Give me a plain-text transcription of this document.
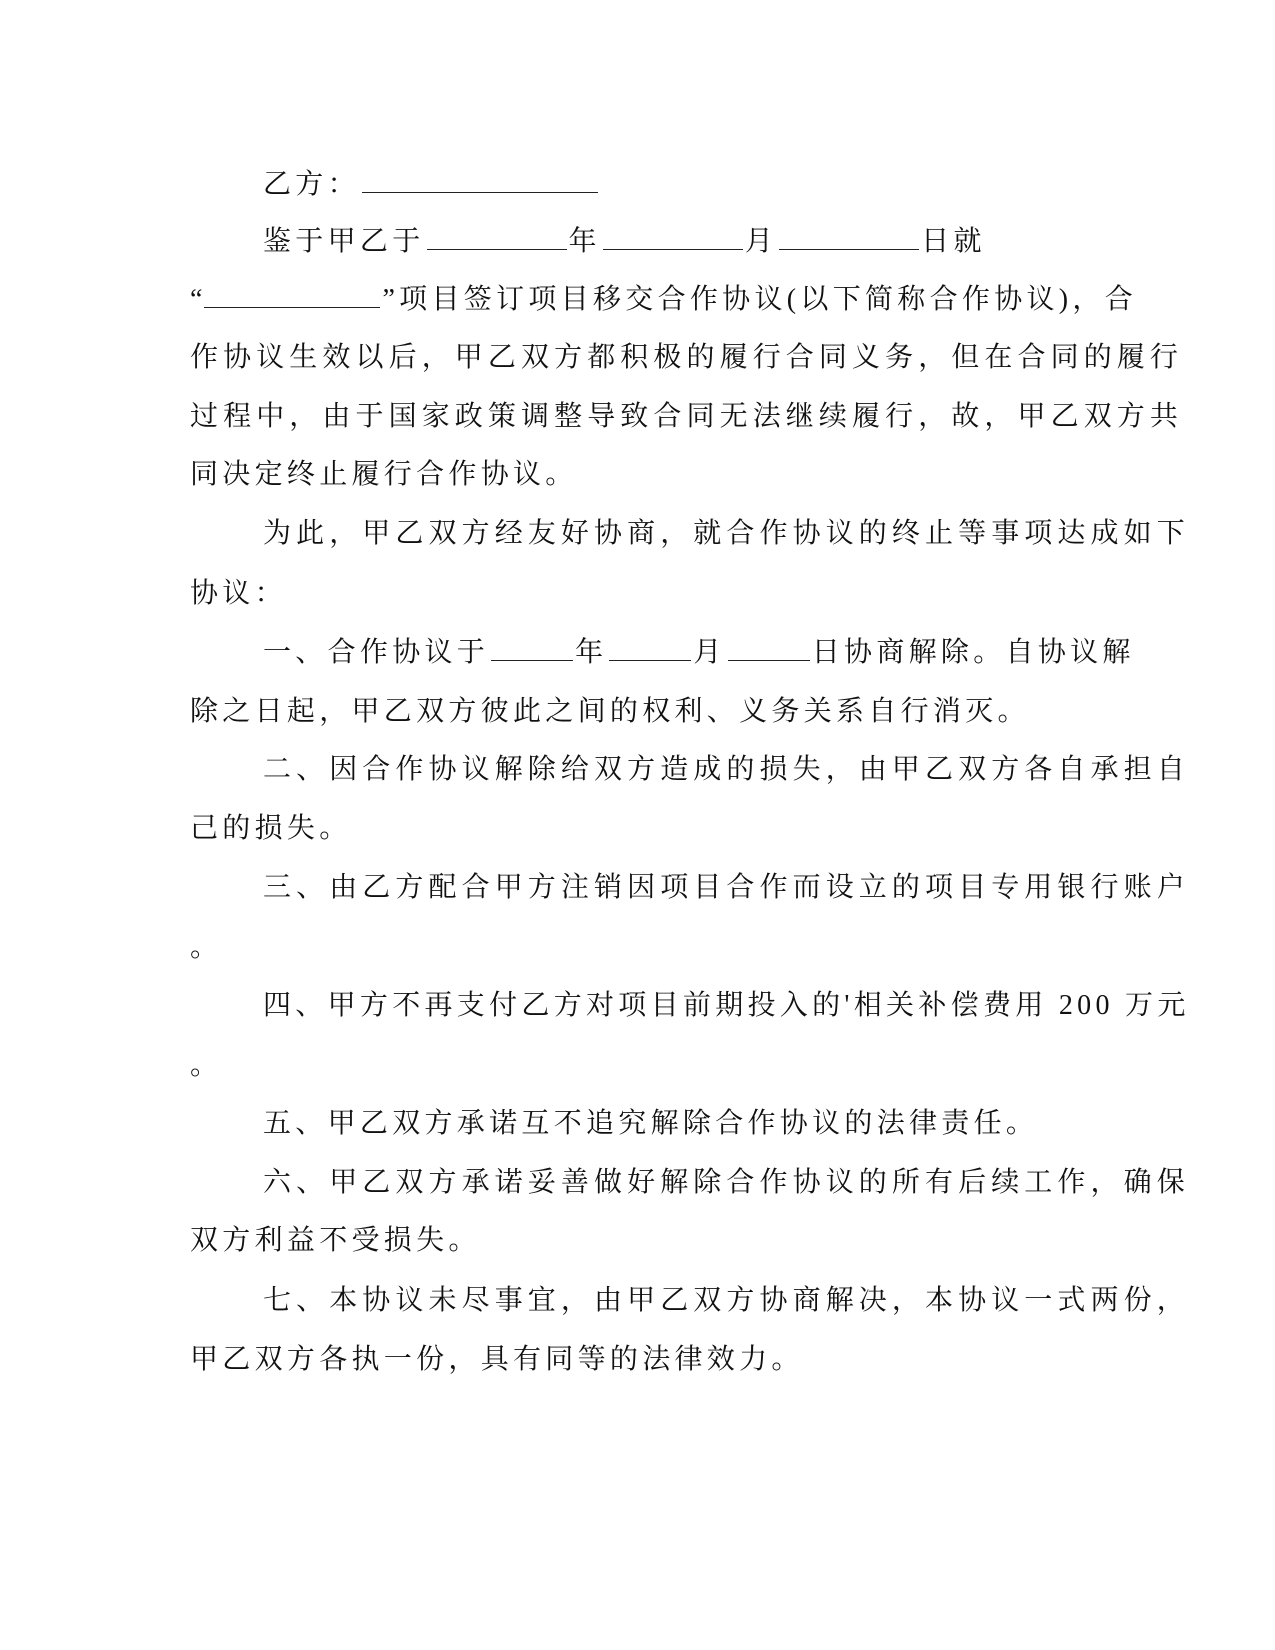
乙方：
鉴于甲乙于	年	月	日就
“	”项目签订项目移交合作协议(以下简称合作协议)，合
作协议生效以后，甲乙双方都积极的履行合同义务，但在合同的履行
过程中，由于国家政策调整导致合同无法继续履行，故，甲乙双方共
同决定终止履行合作协议。
为此，甲乙双方经友好协商，就合作协议的终止等事项达成如下
协议：
一、合作协议于	年	月	日协商解除。自协议解
除之日起，甲乙双方彼此之间的权利、义务关系自行消灭。
二、因合作协议解除给双方造成的损失，由甲乙双方各自承担自
己的损失。
三、由乙方配合甲方注销因项目合作而设立的项目专用银行账户
。
四、甲方不再支付乙方对项目前期投入的'相关补偿费用 200 万元
。
五、甲乙双方承诺互不追究解除合作协议的法律责任。
六、甲乙双方承诺妥善做好解除合作协议的所有后续工作，确保
双方利益不受损失。
七、本协议未尽事宜，由甲乙双方协商解决，本协议一式两份，
甲乙双方各执一份，具有同等的法律效力。
